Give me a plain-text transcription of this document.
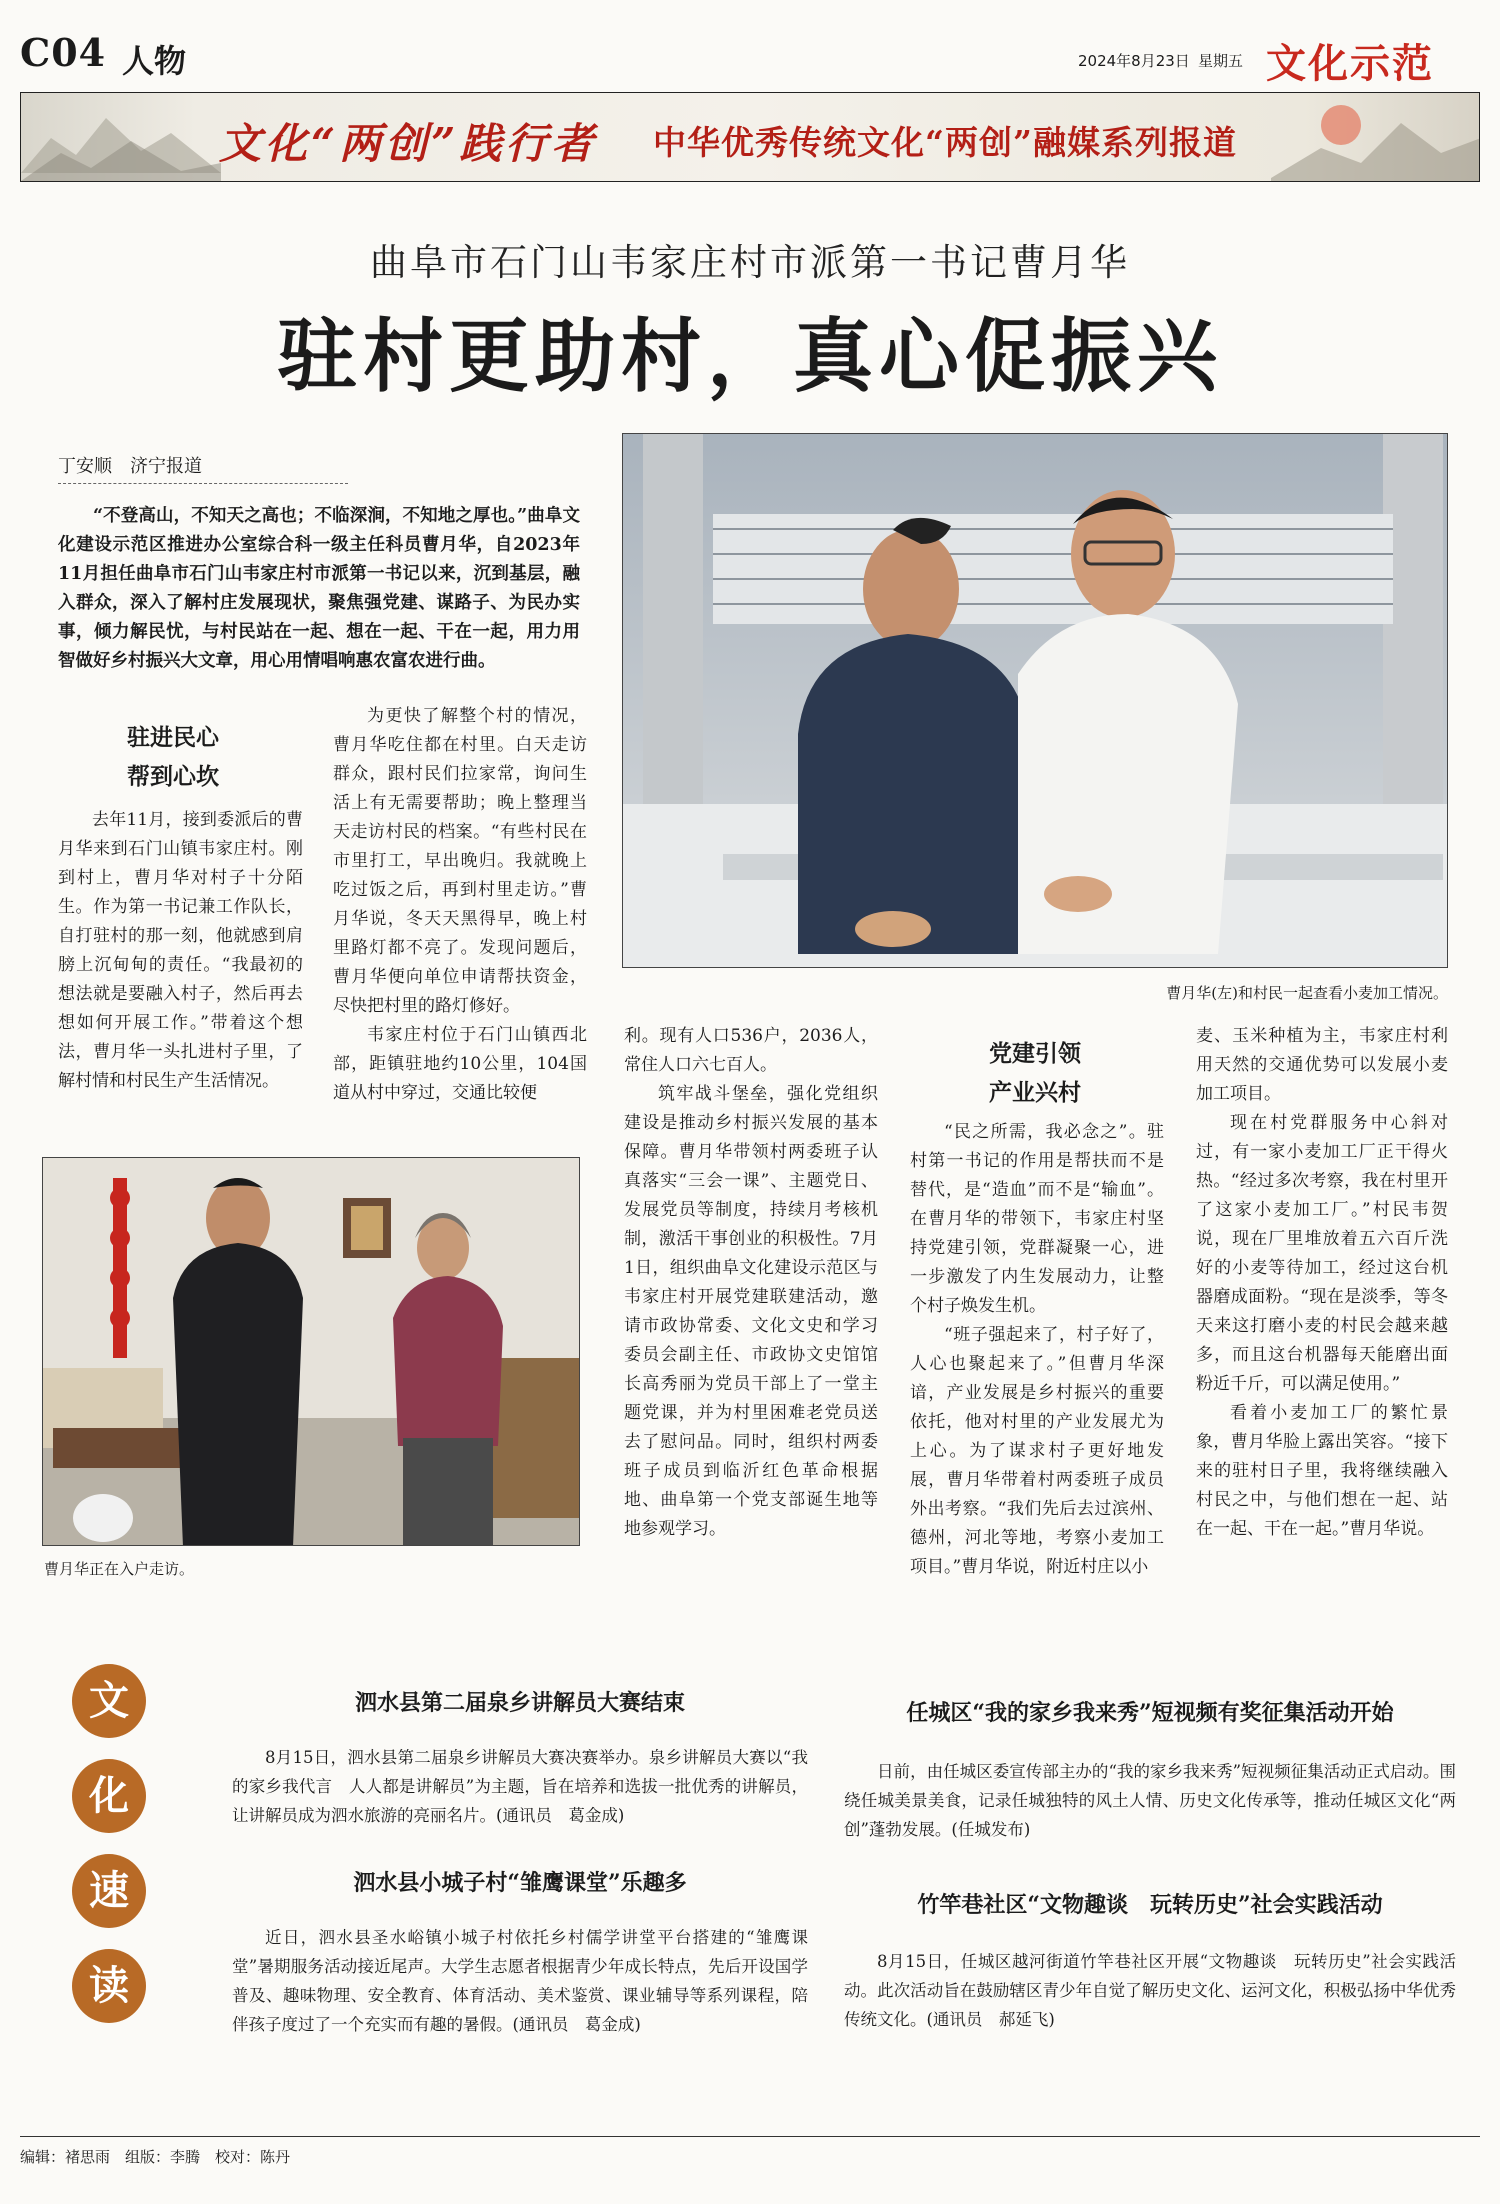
C04 人物	2024年8月23日 星期五 文化示范
文化“两创”践行者 中华优秀传统文化“两创”融媒系列报道
曲阜市石门山韦家庄村市派第一书记曹月华
驻村更助村，真心促振兴
丁安顺　济宁报道
“不登高山，不知天之高也；不临深涧，不知地之厚也。”曲阜文化建设示范区推进办公室综合科一级主任科员曹月华，自2023年11月担任曲阜市石门山韦家庄村市派第一书记以来，沉到基层，融入群众，深入了解村庄发展现状，聚焦强党建、谋路子、为民办实事，倾力解民忧，与村民站在一起、想在一起、干在一起，用力用智做好乡村振兴大文章，用心用情唱响惠农富农进行曲。
驻进民心
帮到心坎
去年11月，接到委派后的曹月华来到石门山镇韦家庄村。刚到村上，曹月华对村子十分陌生。作为第一书记兼工作队长，自打驻村的那一刻，他就感到肩膀上沉甸甸的责任。“我最初的想法就是要融入村子，然后再去想如何开展工作。”带着这个想法，曹月华一头扎进村子里，了解村情和村民生产生活情况。

为更快了解整个村的情况，曹月华吃住都在村里。白天走访群众，跟村民们拉家常，询问生活上有无需要帮助；晚上整理当天走访村民的档案。“有些村民在市里打工，早出晚归。我就晚上吃过饭之后，再到村里走访。”曹月华说，冬天天黑得早，晚上村里路灯都不亮了。发现问题后，曹月华便向单位申请帮扶资金，尽快把村里的路灯修好。

韦家庄村位于石门山镇西北部，距镇驻地约10公里，104国道从村中穿过，交通比较便

曹月华(左)和村民一起查看小麦加工情况。

利。现有人口536户，2036人，常住人口六七百人。

筑牢战斗堡垒，强化党组织建设是推动乡村振兴发展的基本保障。曹月华带领村两委班子认真落实“三会一课”、主题党日、发展党员等制度，持续月考核机制，激活干事创业的积极性。7月1日，组织曲阜文化建设示范区与韦家庄村开展党建联建活动，邀请市政协常委、文化文史和学习委员会副主任、市政协文史馆馆长高秀丽为党员干部上了一堂主题党课，并为村里困难老党员送去了慰问品。同时，组织村两委班子成员到临沂红色革命根据地、曲阜第一个党支部诞生地等地参观学习。

党建引领
产业兴村

“民之所需，我必念之”。驻村第一书记的作用是帮扶而不是替代，是“造血”而不是“输血”。在曹月华的带领下，韦家庄村坚持党建引领，党群凝聚一心，进一步激发了内生发展动力，让整个村子焕发生机。

“班子强起来了，村子好了，人心也聚起来了。”但曹月华深谙，产业发展是乡村振兴的重要依托，他对村里的产业发展尤为上心。为了谋求村子更好地发展，曹月华带着村两委班子成员外出考察。“我们先后去过滨州、德州，河北等地，考察小麦加工项目。”曹月华说，附近村庄以小

麦、玉米种植为主，韦家庄村利用天然的交通优势可以发展小麦加工项目。

现在村党群服务中心斜对过，有一家小麦加工厂正干得火热。“经过多次考察，我在村里开了这家小麦加工厂。”村民韦贺说，现在厂里堆放着五六百斤洗好的小麦等待加工，经过这台机器磨成面粉。“现在是淡季，等冬天来这打磨小麦的村民会越来越多，而且这台机器每天能磨出面粉近千斤，可以满足使用。”

看着小麦加工厂的繁忙景象，曹月华脸上露出笑容。“接下来的驻村日子里，我将继续融入村民之中，与他们想在一起、站在一起、干在一起。”曹月华说。

曹月华正在入户走访。
文
化
速
读
泗水县第二届泉乡讲解员大赛结束
8月15日，泗水县第二届泉乡讲解员大赛决赛举办。泉乡讲解员大赛以“我的家乡我代言　人人都是讲解员”为主题，旨在培养和选拔一批优秀的讲解员，让讲解员成为泗水旅游的亮丽名片。(通讯员　葛金成)
泗水县小城子村“雏鹰课堂”乐趣多
近日，泗水县圣水峪镇小城子村依托乡村儒学讲堂平台搭建的“雏鹰课堂”暑期服务活动接近尾声。大学生志愿者根据青少年成长特点，先后开设国学普及、趣味物理、安全教育、体育活动、美术鉴赏、课业辅导等系列课程，陪伴孩子度过了一个充实而有趣的暑假。(通讯员　葛金成)
任城区“我的家乡我来秀”短视频有奖征集活动开始
日前，由任城区委宣传部主办的“我的家乡我来秀”短视频征集活动正式启动。围绕任城美景美食，记录任城独特的风土人情、历史文化传承等，推动任城区文化“两创”蓬勃发展。(任城发布)
竹竿巷社区“文物趣谈　玩转历史”社会实践活动
8月15日，任城区越河街道竹竿巷社区开展“文物趣谈　玩转历史”社会实践活动。此次活动旨在鼓励辖区青少年自觉了解历史文化、运河文化，积极弘扬中华优秀传统文化。(通讯员　郝延飞)
编辑：褚思雨　组版：李腾　校对：陈丹
